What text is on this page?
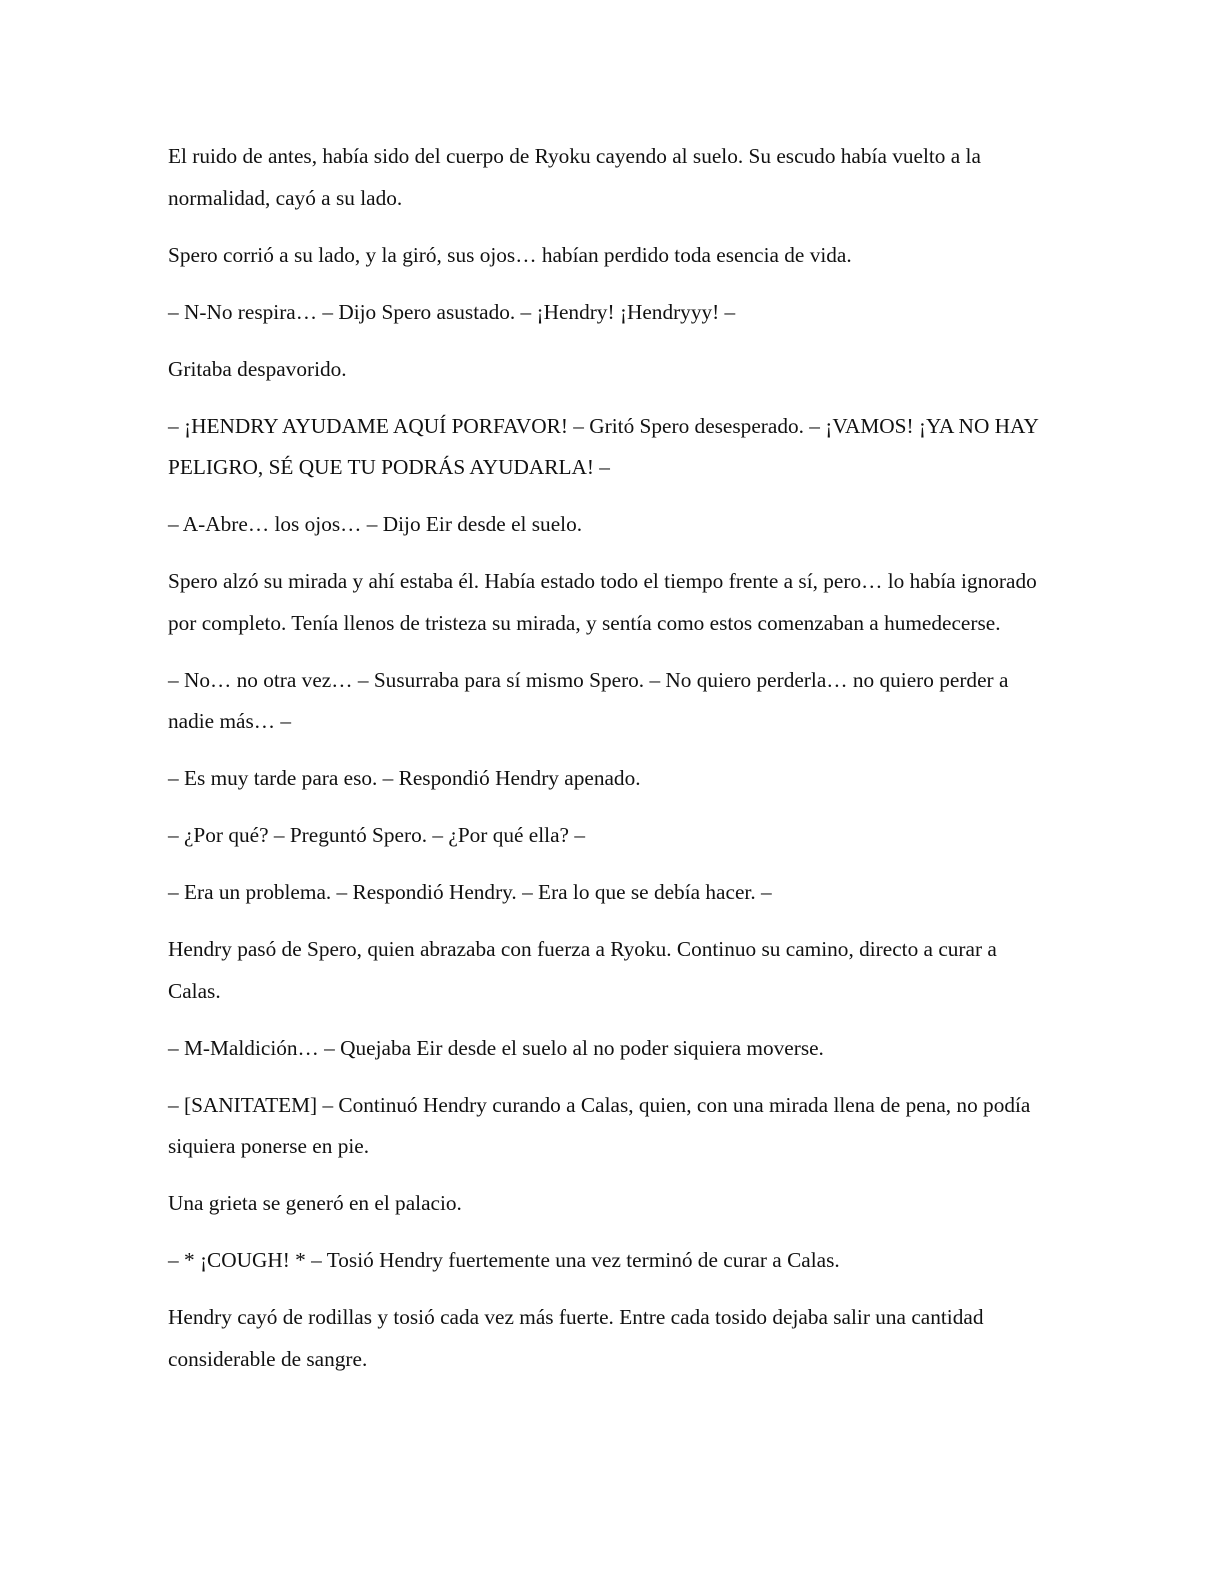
El ruido de antes, había sido del cuerpo de Ryoku cayendo al suelo. Su escudo había vuelto a la normalidad, cayó a su lado.

Spero corrió a su lado, y la giró, sus ojos… habían perdido toda esencia de vida.

– N-No respira… – Dijo Spero asustado. – ¡Hendry! ¡Hendryyy! –

Gritaba despavorido.

– ¡HENDRY AYUDAME AQUÍ PORFAVOR! – Gritó Spero desesperado. – ¡VAMOS! ¡YA NO HAY PELIGRO, SÉ QUE TU PODRÁS AYUDARLA! –

– A-Abre… los ojos… – Dijo Eir desde el suelo.

Spero alzó su mirada y ahí estaba él. Había estado todo el tiempo frente a sí, pero… lo había ignorado por completo. Tenía llenos de tristeza su mirada, y sentía como estos comenzaban a humedecerse.

– No… no otra vez… – Susurraba para sí mismo Spero. – No quiero perderla… no quiero perder a nadie más… –

– Es muy tarde para eso. – Respondió Hendry apenado.

– ¿Por qué? – Preguntó Spero. – ¿Por qué ella? –

– Era un problema. – Respondió Hendry. – Era lo que se debía hacer. –

Hendry pasó de Spero, quien abrazaba con fuerza a Ryoku. Continuo su camino, directo a curar a Calas.

– M-Maldición… – Quejaba Eir desde el suelo al no poder siquiera moverse.

– [SANITATEM] – Continuó Hendry curando a Calas, quien, con una mirada llena de pena, no podía siquiera ponerse en pie.

Una grieta se generó en el palacio.

– * ¡COUGH! * – Tosió Hendry fuertemente una vez terminó de curar a Calas.

Hendry cayó de rodillas y tosió cada vez más fuerte. Entre cada tosido dejaba salir una cantidad considerable de sangre.
